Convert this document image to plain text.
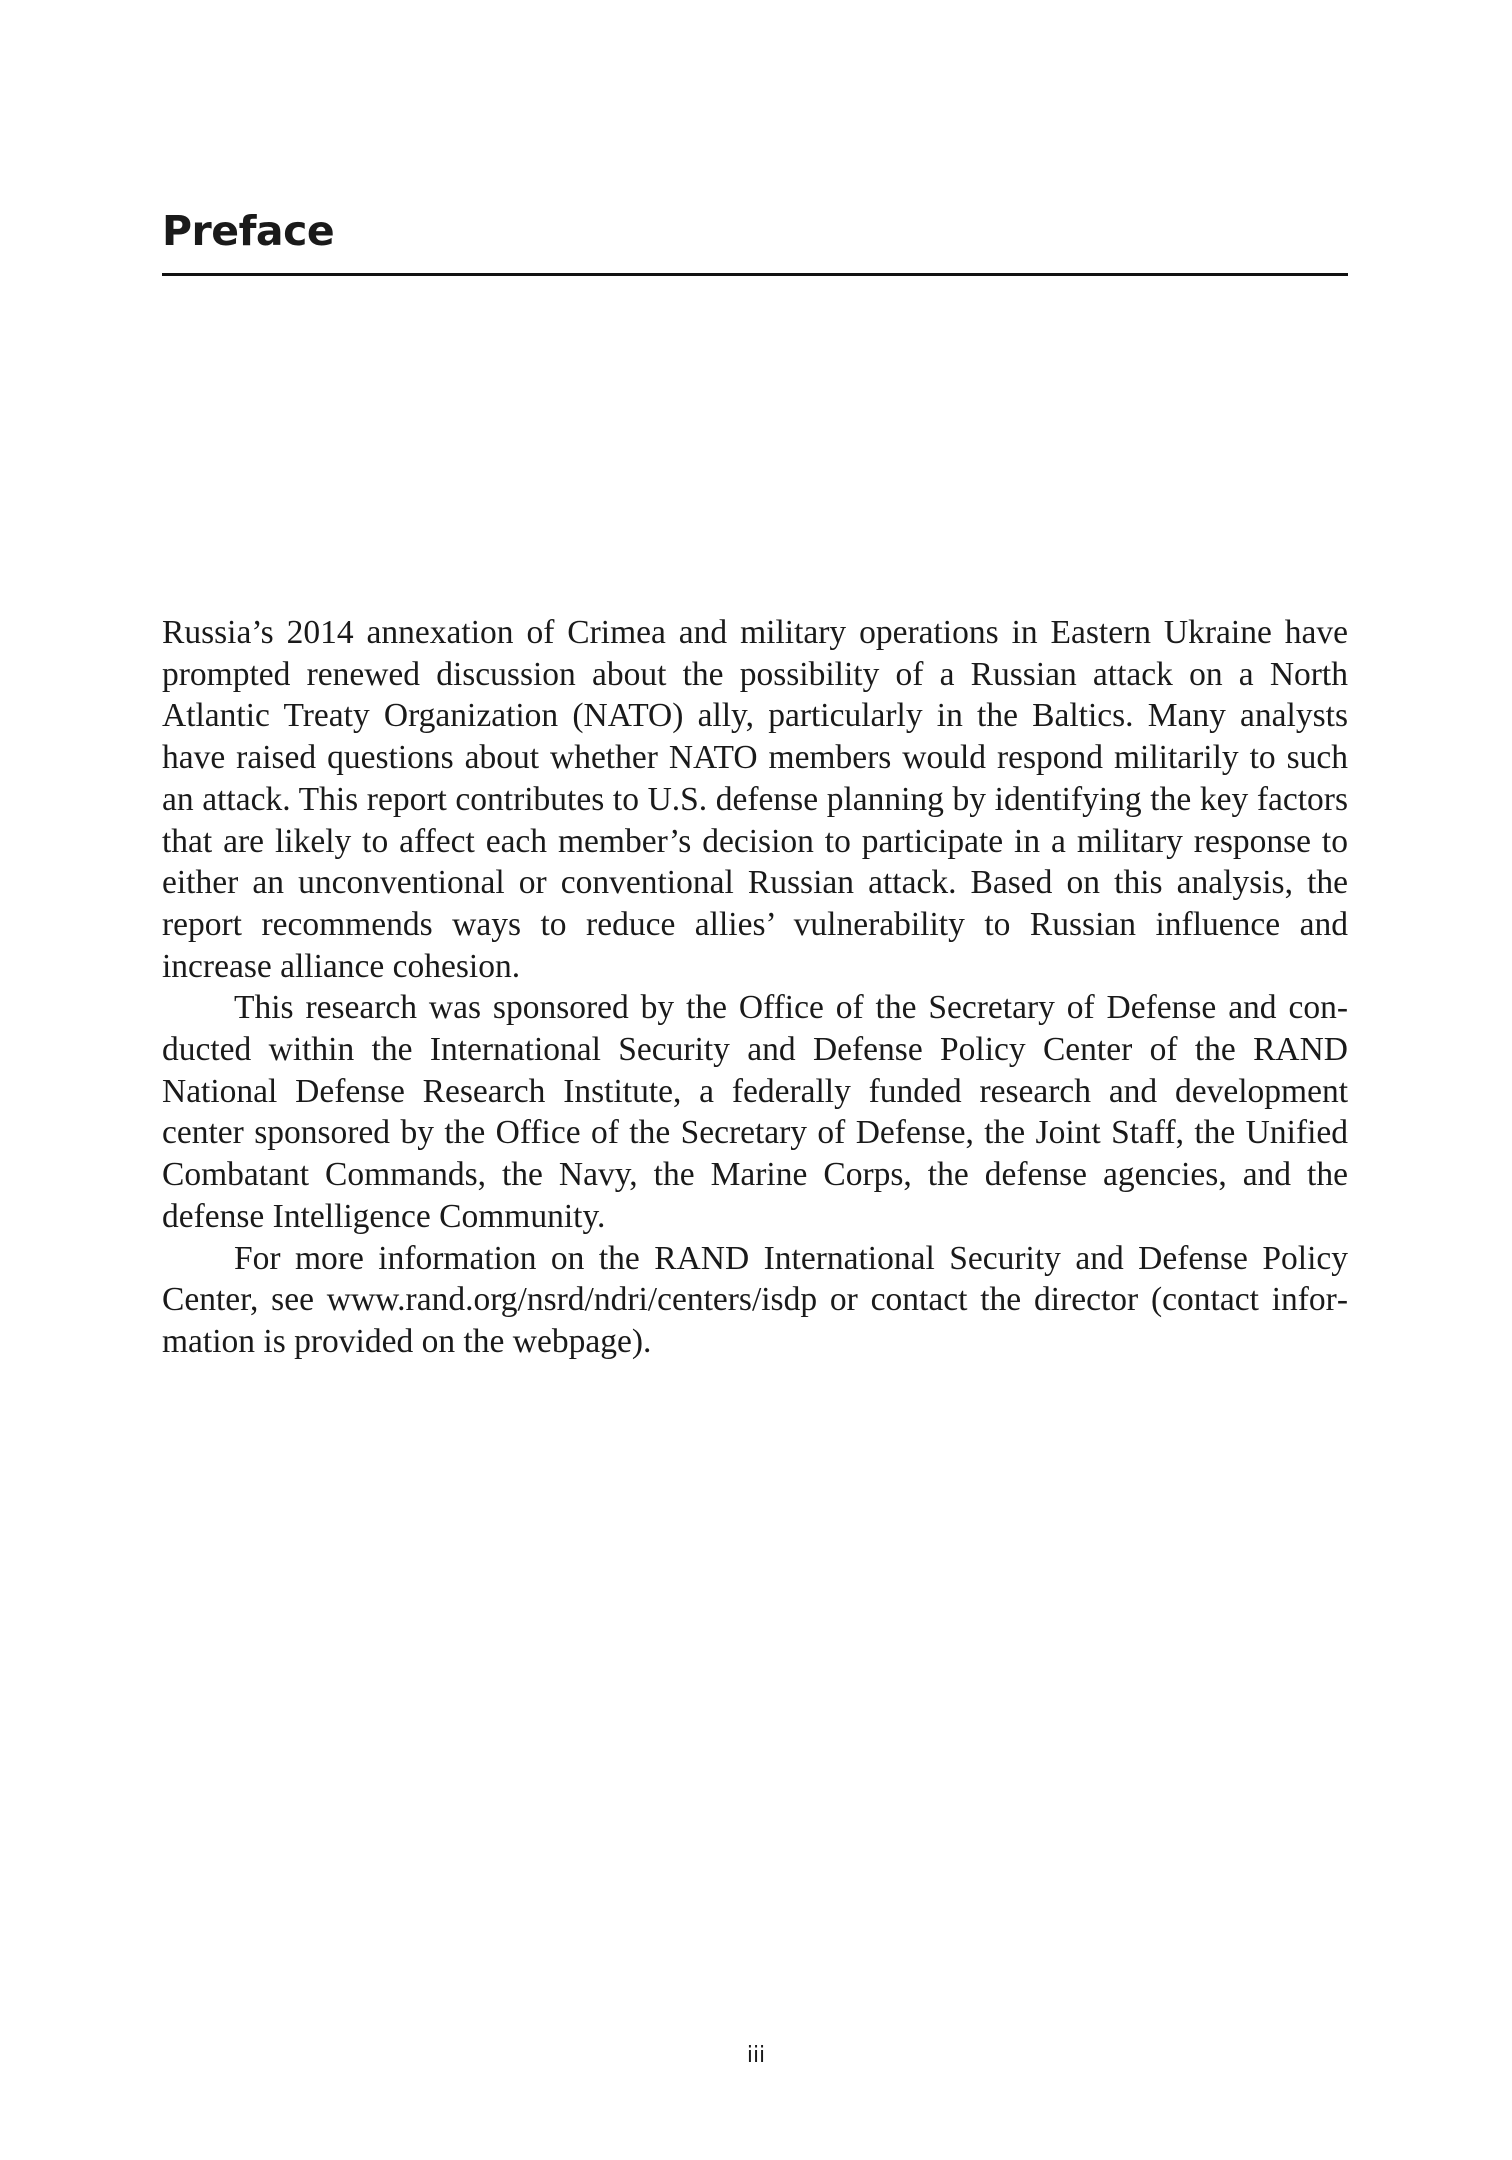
Preface

Russia’s 2014 annexation of Crimea and military operations in Eastern Ukraine have prompted renewed discussion about the possibility of a Russian attack on a North Atlantic Treaty Organization (NATO) ally, particularly in the Baltics. Many analysts have raised questions about whether NATO members would respond militarily to such an attack. This report contributes to U.S. defense planning by identifying the key factors that are likely to affect each member’s decision to participate in a military response to either an unconventional or conventional Russian attack. Based on this analysis, the report recommends ways to reduce allies’ vulnerability to Russian influence and increase alliance cohesion.

This research was sponsored by the Office of the Secretary of Defense and conducted within the International Security and Defense Policy Center of the RAND National Defense Research Institute, a federally funded research and development center sponsored by the Office of the Secretary of Defense, the Joint Staff, the Unified Combatant Commands, the Navy, the Marine Corps, the defense agencies, and the defense Intelligence Community.

For more information on the RAND International Security and Defense Policy Center, see www.rand.org/nsrd/ndri/centers/isdp or contact the director (contact information is provided on the webpage).

iii
